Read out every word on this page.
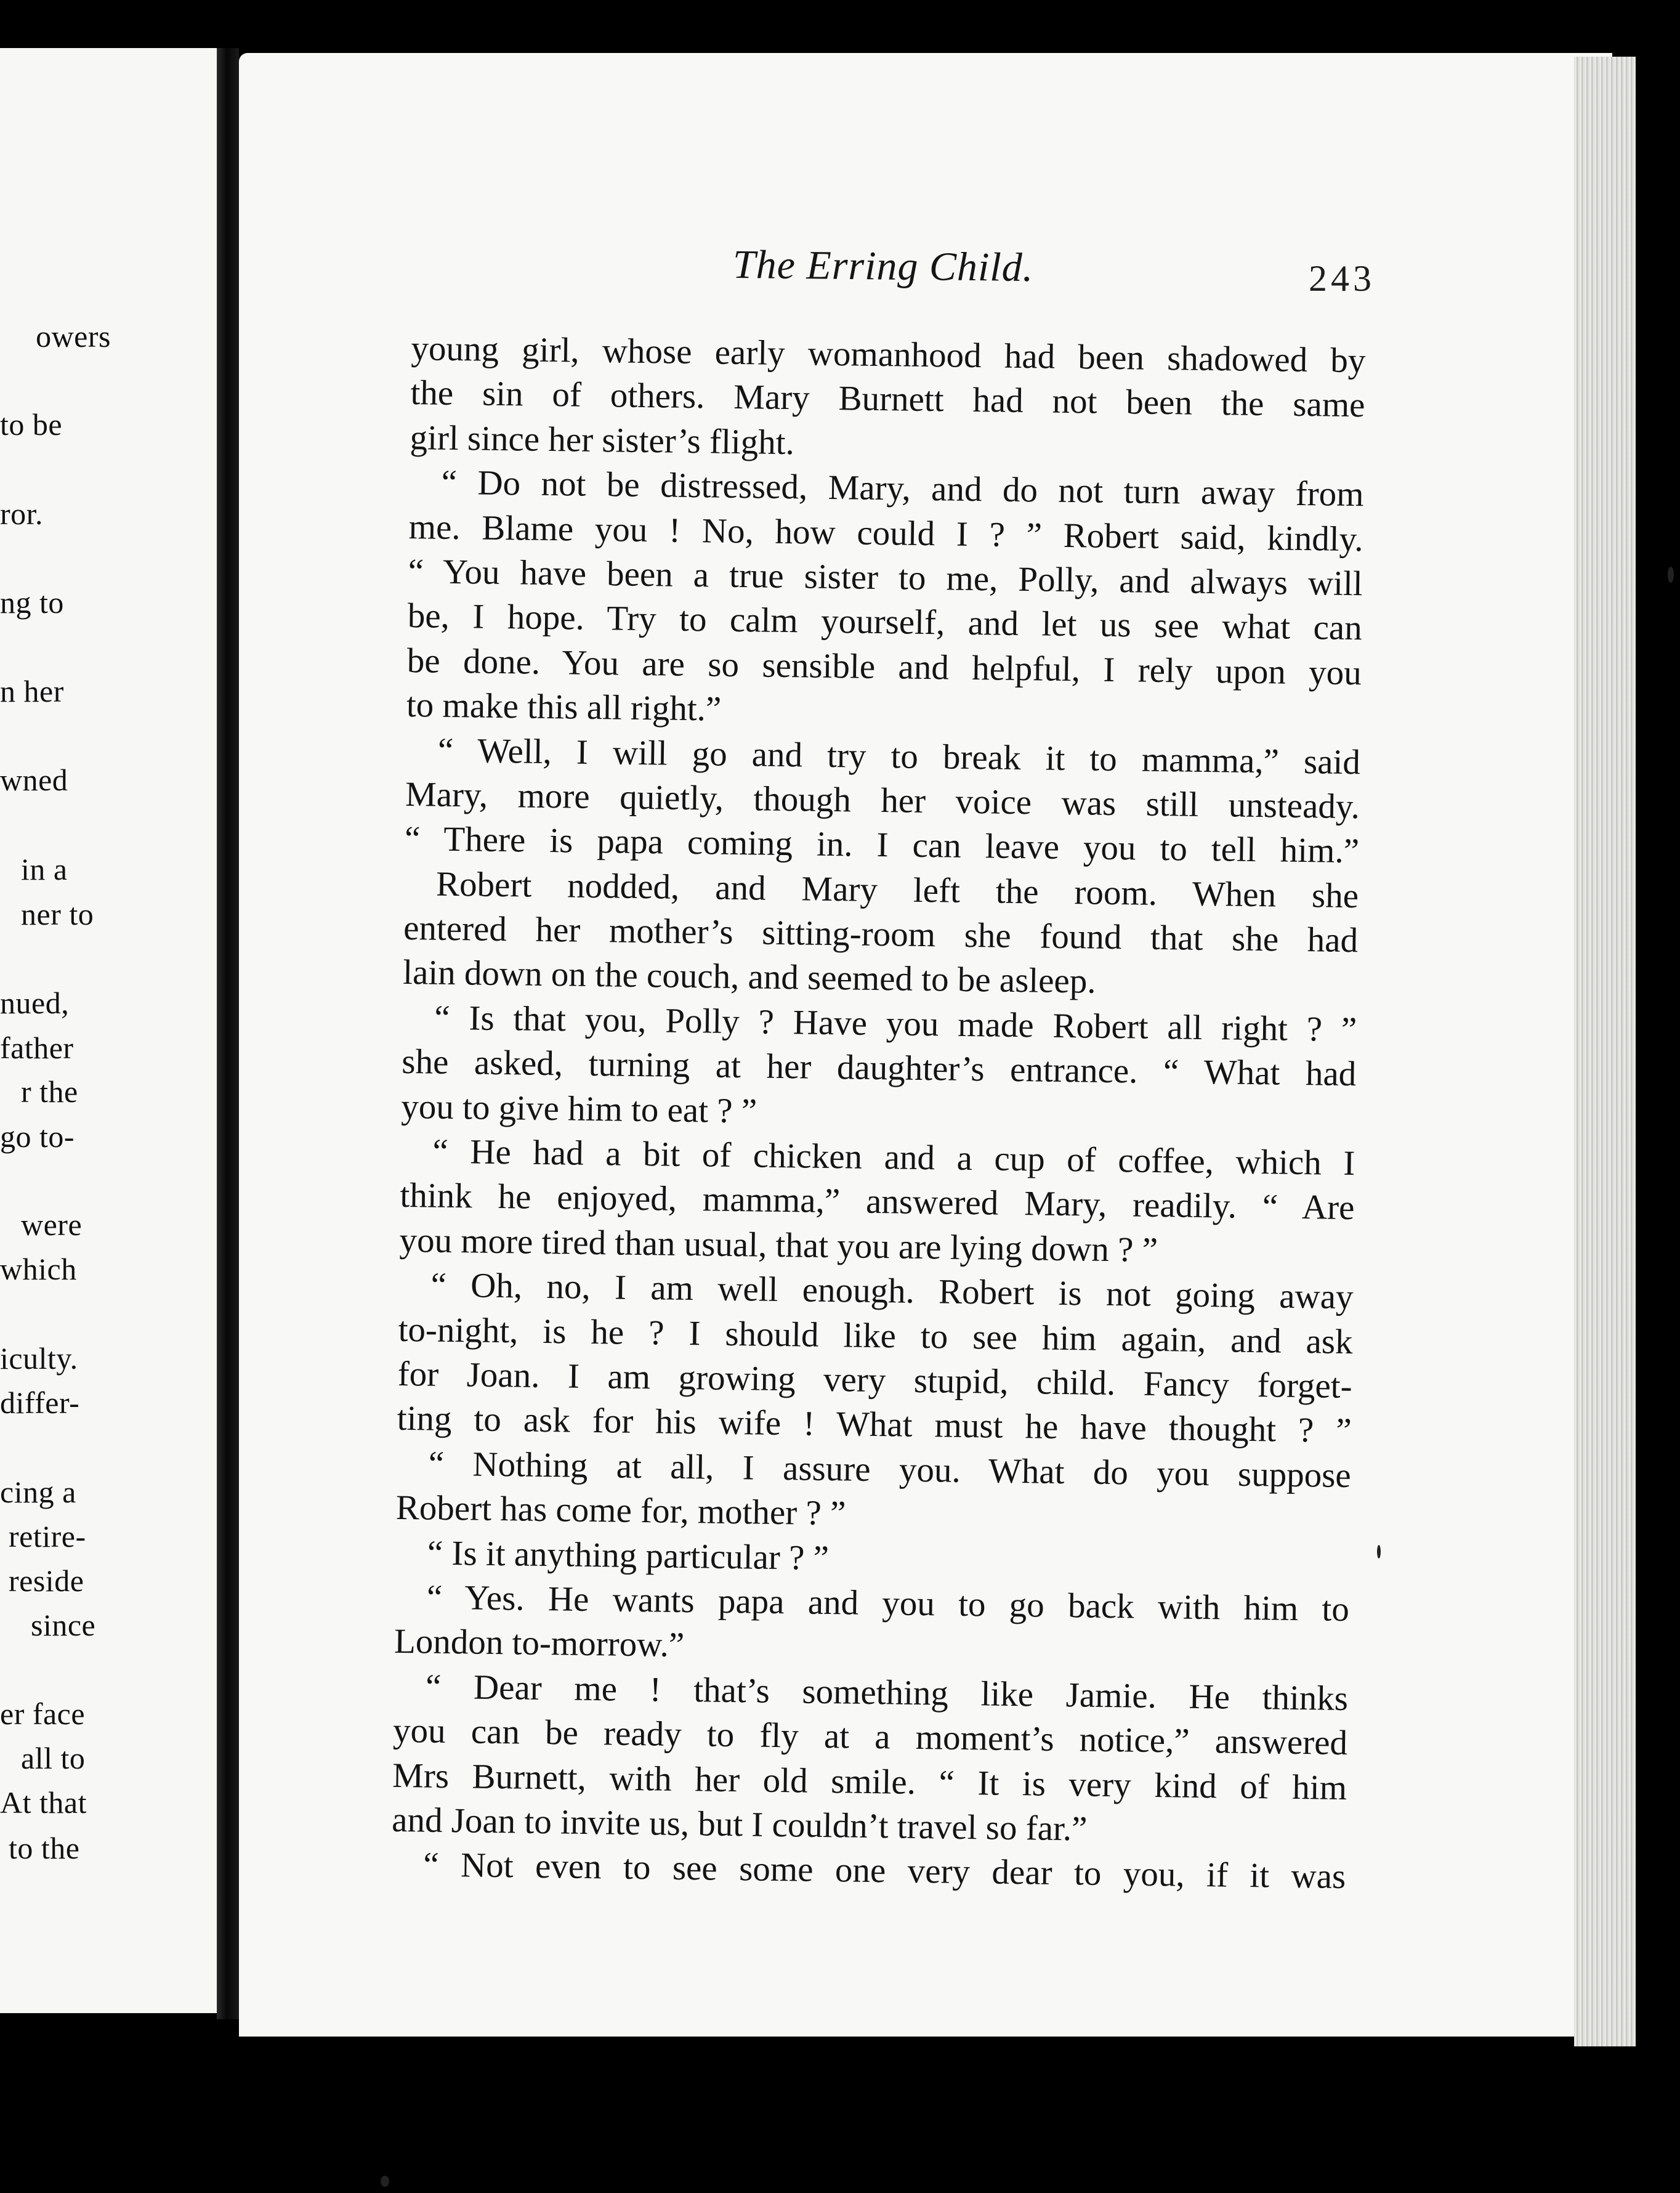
owers
to be
ror.
ng to
n her
wned
in a
ner to
nued,
father
r the
go to-
were
which
iculty.
differ-
cing a
retire-
reside
since
er face
all to
At that
to the
The Erring Child.	243
young girl, whose early womanhood had been shadowed by
the sin of others. Mary Burnett had not been the same
girl since her sister’s flight.
“ Do not be distressed, Mary, and do not turn away from
me. Blame you ! No, how could I ? ” Robert said, kindly.
“ You have been a true sister to me, Polly, and always will
be, I hope. Try to calm yourself, and let us see what can
be done. You are so sensible and helpful, I rely upon you
to make this all right.”
“ Well, I will go and try to break it to mamma,” said
Mary, more quietly, though her voice was still unsteady.
“ There is papa coming in. I can leave you to tell him.”
Robert nodded, and Mary left the room. When she
entered her mother’s sitting-room she found that she had
lain down on the couch, and seemed to be asleep.
“ Is that you, Polly ? Have you made Robert all right ? ”
she asked, turning at her daughter’s entrance. “ What had
you to give him to eat ? ”
“ He had a bit of chicken and a cup of coffee, which I
think he enjoyed, mamma,” answered Mary, readily. “ Are
you more tired than usual, that you are lying down ? ”
“ Oh, no, I am well enough. Robert is not going away
to-night, is he ? I should like to see him again, and ask
for Joan. I am growing very stupid, child. Fancy forget-
ting to ask for his wife ! What must he have thought ? ”
“ Nothing at all, I assure you. What do you suppose
Robert has come for, mother ? ”
“ Is it anything particular ? ”
“ Yes. He wants papa and you to go back with him to
London to-morrow.”
“ Dear me ! that’s something like Jamie. He thinks
you can be ready to fly at a moment’s notice,” answered
Mrs Burnett, with her old smile. “ It is very kind of him
and Joan to invite us, but I couldn’t travel so far.”
“ Not even to see some one very dear to you, if it was
